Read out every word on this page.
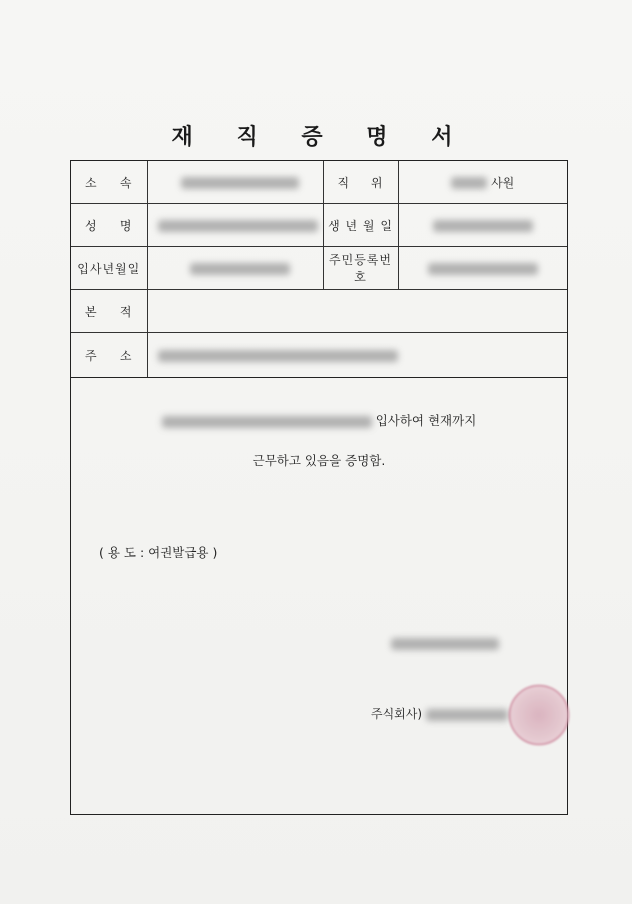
재 직 증 명 서
소 속		직 위	사원
성 명		생 년 월 일	
입사년월일		주민등록번호	
본 적			
주 소			
입사하여 현재까지
근무하고 있음을 증명함.
( 용 도 : 여권발급용 )
주식회사)
